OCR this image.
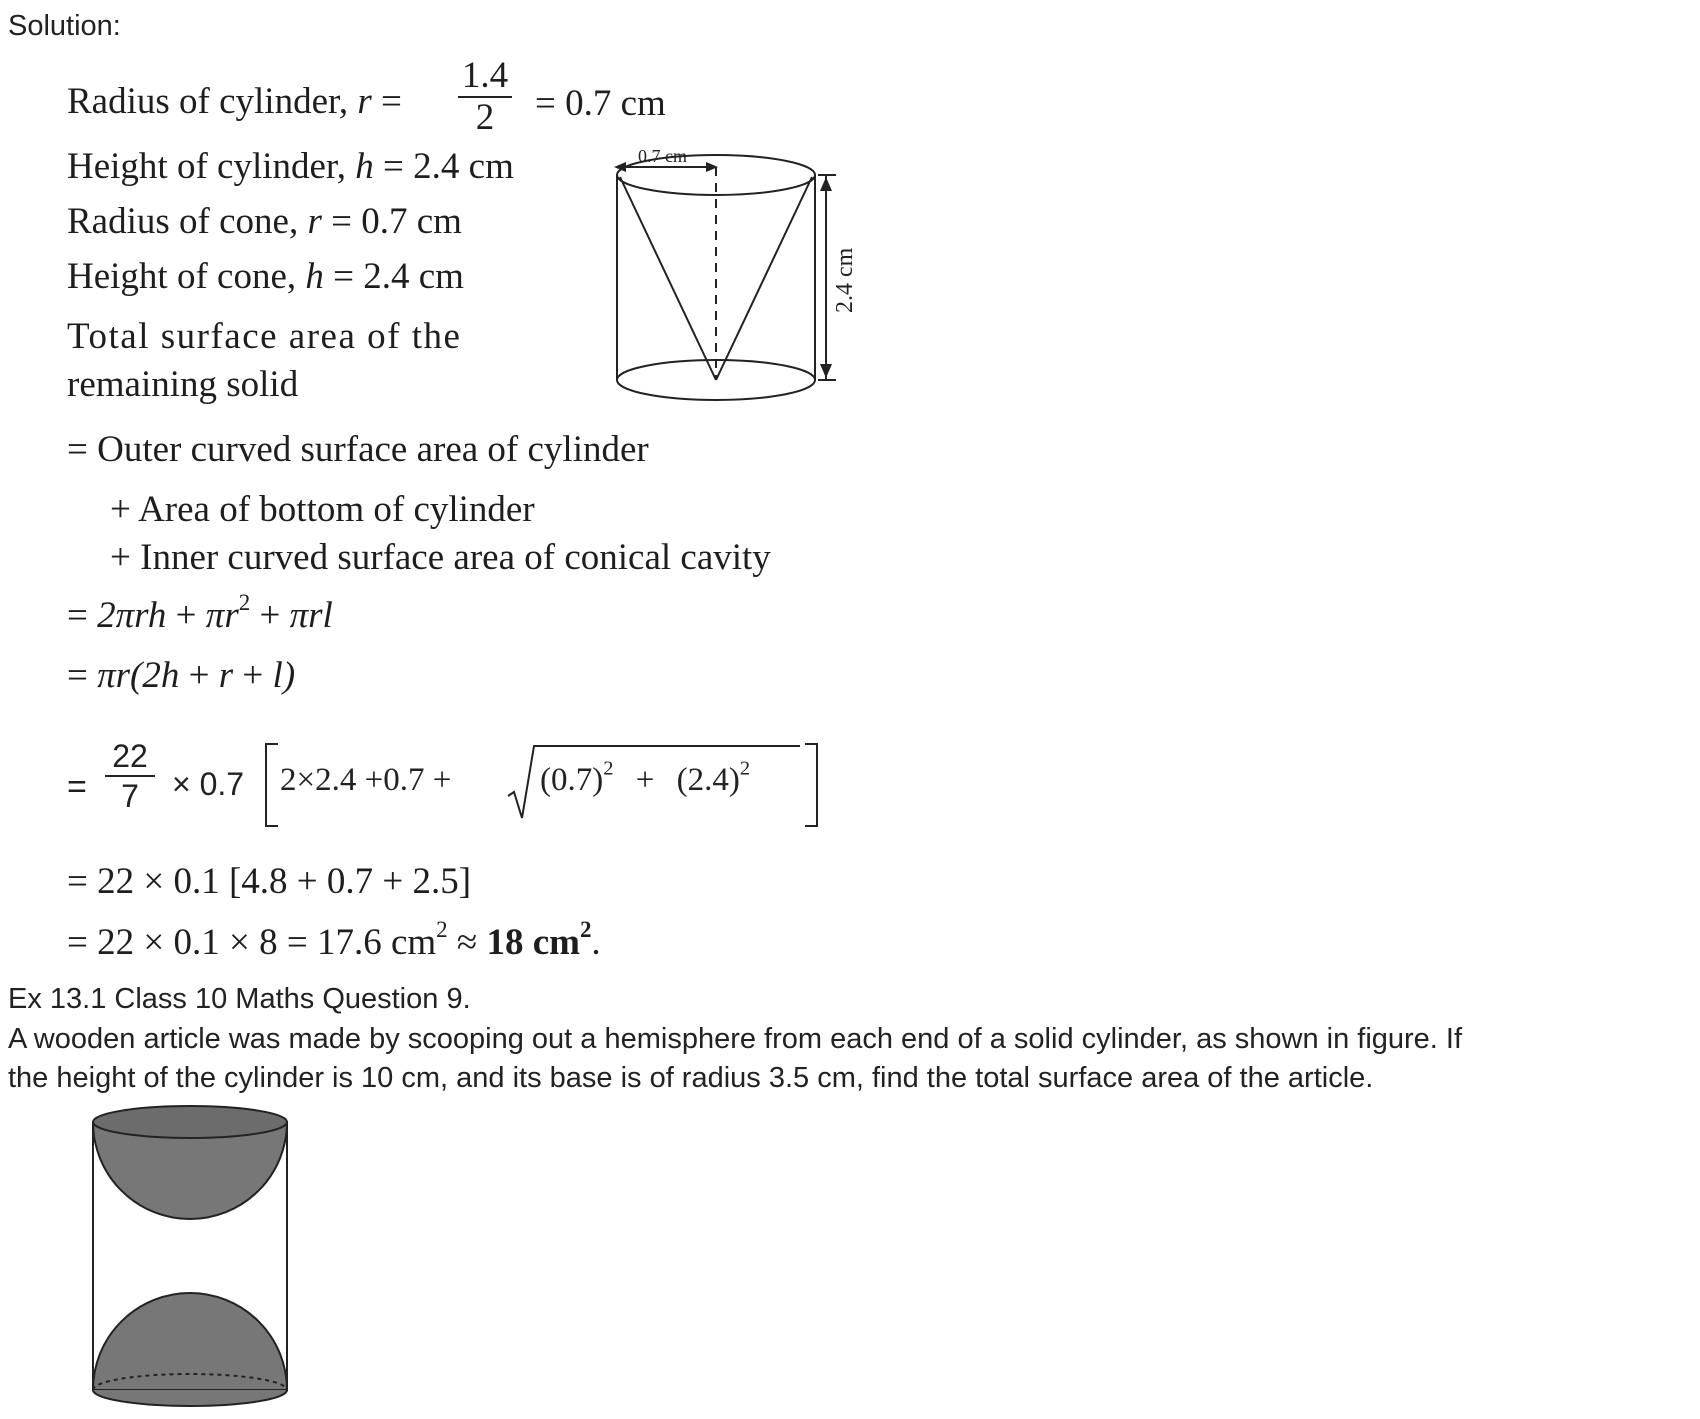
Solution:
Radius of cylinder, r =
1.4
2	= 0.7 cm
Height of cylinder, h = 2.4 cm
Radius of cone, r = 0.7 cm
Height of cone, h = 2.4 cm
Total surface area of the
remaining solid
0.7 cm
2.4 cm
= Outer curved surface area of cylinder
+ Area of bottom of cylinder
+ Inner curved surface area of conical cavity
= $2\pi rh + \pi r^2 + \pi rl$
= πr(2h + r + l)
=
22
7	× 0.7 2×2.4 +0.7 +	$(0.7)^2 + (2.4)^2$
= 22 × 0.1 [4.8 + 0.7 + 2.5]
= 22 × 0.1 × 8 = 17.6 $cm^2 \approx 18$ $cm^2$.
Ex 13.1 Class 10 Maths Question 9.
A wooden article was made by scooping out a hemisphere from each end of a solid cylinder, as shown in figure. If
the height of the cylinder is 10 cm, and its base is of radius 3.5 cm, find the total surface area of the article.
